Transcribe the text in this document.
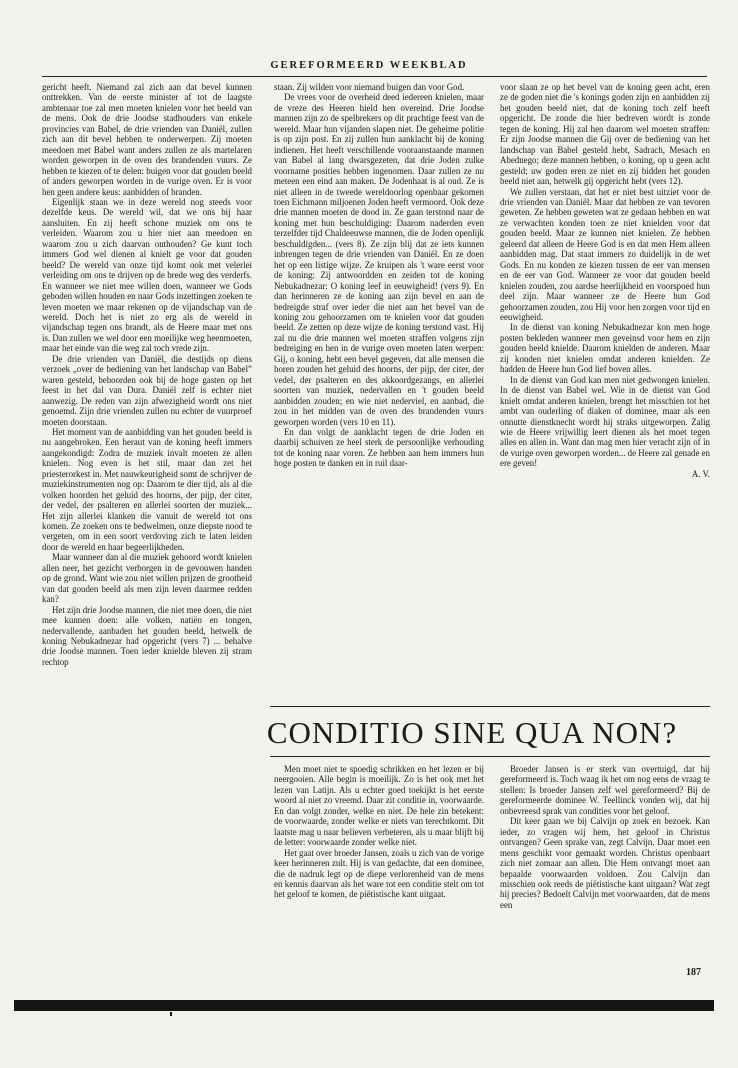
GEREFORMEERD WEEKBLAD

gericht heeft. Niemand zal zich aan dat bevel kunnen onttrekken. Van de eerste minister af tot de laagste ambtenaar toe zal men moeten knielen voor het beeld van de mens. Ook de drie Joodse stadhouders van enkele provincies van Babel, de drie vrienden van Daniël, zullen zich aan dit bevel hebben te onderwerpen. Zij moeten meedoen met Babel want anders zullen ze als martelaren worden geworpen in de oven des brandenden vuurs. Ze hebben te kiezen of te delen: buigen voor dat gouden beeld of anders geworpen worden in de vurige oven. Er is voor hen geen andere keus: aanbidden of branden.

Eigenlijk staan we in deze wereld nog steeds voor dezelfde keus. De wereld wil, dat we ons bij haar aansluiten. En zij heeft schone muziek om ons te verleiden. Waarom zou u hier niet aan meedoen en waarom zou u zich daarvan onthouden? Ge kunt toch immers God wel dienen al knielt ge voor dat gouden beeld? De wereld van onze tijd komt ook met velerlei verleiding om ons te drijven op de brede weg des verderfs. En wanneer we niet mee willen doen, wanneer we Gods geboden willen houden en naar Gods inzettingen zoeken te leven moeten we maar rekenen op de vijandschap van de wereld. Doch het is niet zo erg als de wereld in vijandschap tegen ons brandt, als de Heere maar met ons is. Dan zullen we wel door een moeilijke weg heenmoeten, maar het einde van die weg zal toch vrede zijn.

De drie vrienden van Daniël, die destijds op diens verzoek „over de bediening van het landschap van Babel” waren gesteld, behoorden ook bij de hoge gasten op het feest in het dal van Dura. Daniël zelf is echter niet aanwezig. De reden van zijn afwezigheid wordt ons niet genoemd. Zijn drie vrienden zullen nu echter de vuurproef moeten doorstaan.

Het moment van de aanbidding van het gouden beeld is nu aangebroken. Een heraut van de koning heeft immers aangekondigd: Zodra de muziek invalt moeten ze allen knielen. Nog even is het stil, maar dan zet het priesterorkest in. Met nauwkeurigheid somt de schrijver de muziekinstrumenten nog op: Daarom te dier tijd, als al die volken hoorden het geluid des hoorns, der pijp, der citer, der vedel, der psalteren en allerlei soorten der muziek... Het zijn allerlei klanken die vanuit de wereld tot ons komen. Ze zoeken ons te bedwelmen, onze diepste nood te vergeten, om in een soort verdoving zich te laten leiden door de wereld en haar begeerlijkheden.

Maar wanneer dan al die muziek gehoord wordt knielen allen neer, het gezicht verborgen in de gevouwen handen op de grond. Want wie zou niet willen prijzen de grootheid van dat gouden beeld als men zijn leven daarmee redden kan?

Het zijn drie Joodse mannen, die niet mee doen, die niet mee kunnen doen: alle volken, natiën en tongen, nedervallende, aanbaden het gouden beeld, hetwelk de koning Nebukadnezar had opgericht (vers 7) ... behalve drie Joodse mannen. Toen ieder knielde bleven zij stram rechtop

staan. Zij wilden voor niemand buigen dan voor God.

De vrees voor de overheid deed iedereen knielen, maar de vreze des Heeren hield hen overeind. Drie Joodse mannen zijn zo de spelbrekers op dit prachtige feest van de wereld. Maar hun vijanden slapen niet. De geheime politie is op zijn post. En zij zullen hun aanklacht bij de koning indienen. Het heeft verschillende vooraanstaande mannen van Babel al lang dwarsgezeten, dat drie Joden zulke voorname posities hebben ingenomen. Daar zullen ze nu meteen een eind aan maken. De Jodenhaat is al oud. Ze is niet alleen in de tweede wereldoorlog openbaar gekomen toen Eichmann miljoenen Joden heeft vermoord. Ook deze drie mannen moeten de dood in. Ze gaan terstond naar de koning met hun beschuldiging: Daarom naderden even terzelfder tijd Chaldeeuwse mannen, die de Joden openlijk beschuldigden... (vers 8). Ze zijn blij dat ze iets kunnen inbrengen tegen de drie vrienden van Daniël. En ze doen het op een listige wijze. Ze kruipen als 't ware eerst voor de koning: Zij antwoordden en zeiden tot de koning Nebukadnezar: O koning leef in eeuwigheid! (vers 9). En dan herinneren ze de koning aan zijn bevel en aan de bedreigde straf over ieder die niet aan het bevel van de koning zou gehoorzamen om te knielen voor dat gouden beeld. Ze zetten op deze wijze de koning terstond vast. Hij zal nu die drie mannen wel moeten straffen volgens zijn bedreiging en hen in de vurige oven moeten laten werpen: Gij, o koning, hebt een bevel gegeven, dat alle mensen die horen zouden het geluid des hoorns, der pijp, der citer, der vedel, der psalteren en des akkoordgezangs, en allerlei soorten van muziek, nedervallen en 't gouden beeld aanbidden zouden; en wie niet nederviel, en aanbad, die zou in het midden van de oven des brandenden vuurs geworpen worden (vers 10 en 11).

En dan volgt de aanklacht tegen de drie Joden en daarbij schuiven ze heel sterk de persoonlijke verhouding tot de koning naar voren. Ze hebben aan hem immers hun hoge posten te danken en in ruil daar-

voor slaan ze op het bevel van de koning geen acht, eren ze de goden niet die 's konings goden zijn en aanbidden zij het gouden beeld niet, dat de koning toch zelf heeft opgericht. De zonde die hier bedreven wordt is zonde tegen de koning. Hij zal hen daarom wel moeten straffen: Er zijn Joodse mannen die Gij over de bediening van het landschap van Babel gesteld hebt, Sadrach, Mesach en Abednego; deze mannen hebben, o koning, op u geen acht gesteld; uw goden eren ze niet en zij bidden het gouden beeld niet aan, hetwelk gij opgericht hebt (vers 12).

We zullen verstaan, dat het er niet best uitziet voor de drie vrienden van Daniël. Maar dat hebben ze van tevoren geweten. Ze hebben geweten wat ze gedaan hebben en wat ze verwachten konden toen ze niet knielden voor dat gouden beeld. Maar ze kunnen niet knielen. Ze hebben geleerd dat alleen de Heere God is en dat men Hem alleen aanbidden mag. Dat staat immers zo duidelijk in de wet Gods. En nu konden ze kiezen tussen de eer van mensen en de eer van God. Wanneer ze voor dat gouden beeld knielen zouden, zou aardse heerlijkheid en voorspoed hun deel zijn. Maar wanneer ze de Heere hun God gehoorzamen zouden, zou Hij voor hen zorgen voor tijd en eeuwigheid.

In de dienst van koning Nebukadnezar kon men hoge posten bekleden wanneer men geveinsd voor hem en zijn gouden beeld knielde. Daarom knielden de anderen. Maar zij konden niet knielen omdat anderen knielden. Ze hadden de Heere hun God lief boven alles.

In de dienst van God kan men niet gedwongen knielen. In de dienst van Babel wel. Wie in de dienst van God knielt omdat anderen knielen, brengt het misschien tot het ambt van ouderling of diaken of dominee, maar als een onnutte dienstknecht wordt hij straks uitgeworpen. Zalig wie de Heere vrijwillig leert dienen als het moet tegen alles en allen in. Want dan mag men hier veracht zijn of in de vurige oven geworpen worden... de Heere zal genade en ere geven!

A. V.

CONDITIO SINE QUA NON?

Men moet niet te spoedig schrikken en het lezen er bij neergooien. Alle begin is moeilijk. Zo is het ook met het lezen van Latijn. Als u echter goed toekijkt is het eerste woord al niet zo vreemd. Daar zit conditie in, voorwaarde. En dan volgt zonder, welke en niet. De hele zin betekent: de voorwaarde, zonder welke er niets van terechtkomt. Dit laatste mag u naar believen verbeteren, als u maar blijft bij de letter: voorwaarde zonder welke niet.

Het gaat over broeder Jansen, zoals u zich van de vorige keer herinneren zult. Hij is van gedachte, dat een dominee, die de nadruk legt op de diepe verlorenheid van de mens en kennis daarvan als het ware tot een conditie stelt om tot het geloof te komen, de piëtistische kant uitgaat.

Broeder Jansen is er sterk van overtuigd, dat hij gereformeerd is. Toch waag ik het om nog eens de vraag te stellen: Is broeder Jansen zelf wel gereformeerd? Bij de gereformeerde dominee W. Teellinck vonden wij, dat hij onbevreesd sprak van condities voor het geloof.

Dit keer gaan we bij Calvijn op zoek en bezoek. Kan ieder, zo vragen wij hem, het geloof in Christus ontvangen? Geen sprake van, zegt Calvijn. Daar moet een mens geschikt voor gemaakt worden. Christus openbaart zich niet zomaar aan allen. Die Hem ontvangt moet aan bepaalde voorwaarden voldoen. Zou Calvijn dan misschien ook reeds de piëtistische kant uitgaan? Wat zegt hij precies? Bedoelt Calvijn met voorwaarden, dat de mens een

187
